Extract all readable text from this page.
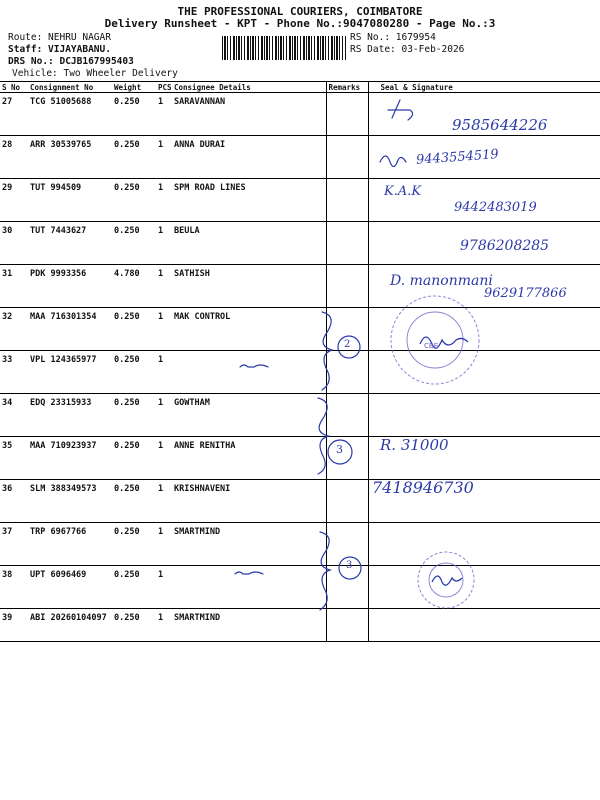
THE PROFESSIONAL COURIERS, COIMBATORE
Delivery Runsheet - KPT - Phone No.:9047080280 - Page No.:3
Route: NEHRU NAGAR
Staff: VIJAYABANU.
DRS No.: DCJB167995403
Vehicle: Two Wheeler Delivery
RS No.: 1679954
RS Date: 03-Feb-2026
S No	Consignment No	Weight	PCS	Consignee Details	Remarks	Seal & Signature
27	TCG 51005688	0.250	1	SARAVANNAN		
28	ARR 30539765	0.250	1	ANNA DURAI		
29	TUT 994509	0.250	1	SPM ROAD LINES		
30	TUT 7443627	0.250	1	BEULA		
31	PDK 9993356	4.780	1	SATHISH		
32	MAA 716301354	0.250	1	MAK CONTROL		
33	VPL 124365977	0.250	1			
34	EDQ 23315933	0.250	1	GOWTHAM		
35	MAA 710923937	0.250	1	ANNE RENITHA		
36	SLM 388349573	0.250	1	KRISHNAVENI		
37	TRP 6967766	0.250	1	SMARTMIND		
38	UPT 6096469	0.250	1			
39	ABI 20260104097	0.250	1	SMARTMIND		
9585644226
9443554519
K.A.K
9442483019
9786208285
D. manonmani
9629177866
2
3
3
R. 31000
7418946730
CBE
